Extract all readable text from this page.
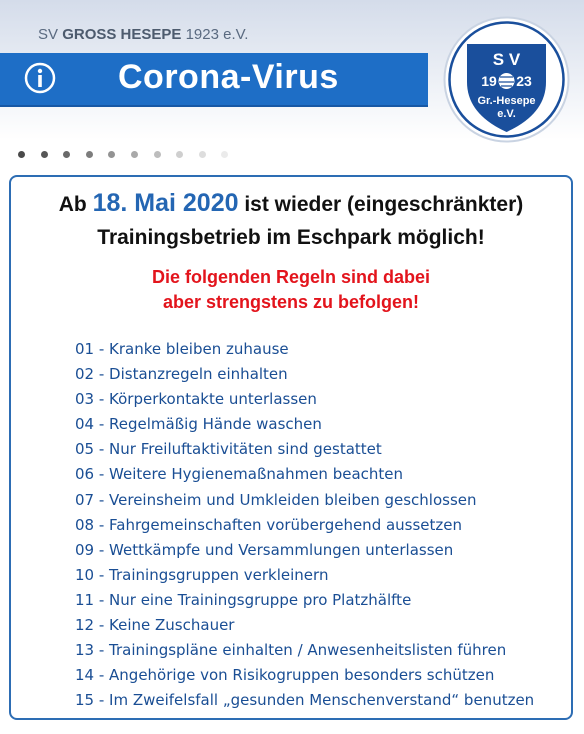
SV GROSS HESEPE 1923 e.V.
Corona-Virus	S V
19 23
Gr.-Hesepe
e.V.
Ab 18. Mai 2020 ist wieder (eingeschränkter)
Trainingsbetrieb im Eschpark möglich!
Die folgenden Regeln sind dabei
aber strengstens zu befolgen!
01 - Kranke bleiben zuhause
02 - Distanzregeln einhalten
03 - Körperkontakte unterlassen
04 - Regelmäßig Hände waschen
05 - Nur Freiluftaktivitäten sind gestattet
06 - Weitere Hygienemaßnahmen beachten
07 - Vereinsheim und Umkleiden bleiben geschlossen
08 - Fahrgemeinschaften vorübergehend aussetzen
09 - Wettkämpfe und Versammlungen unterlassen
10 - Trainingsgruppen verkleinern
11 - Nur eine Trainingsgruppe pro Platzhälfte
12 - Keine Zuschauer
13 - Trainingspläne einhalten / Anwesenheitslisten führen
14 - Angehörige von Risikogruppen besonders schützen
15 - Im Zweifelsfall „gesunden Menschenverstand“ benutzen
